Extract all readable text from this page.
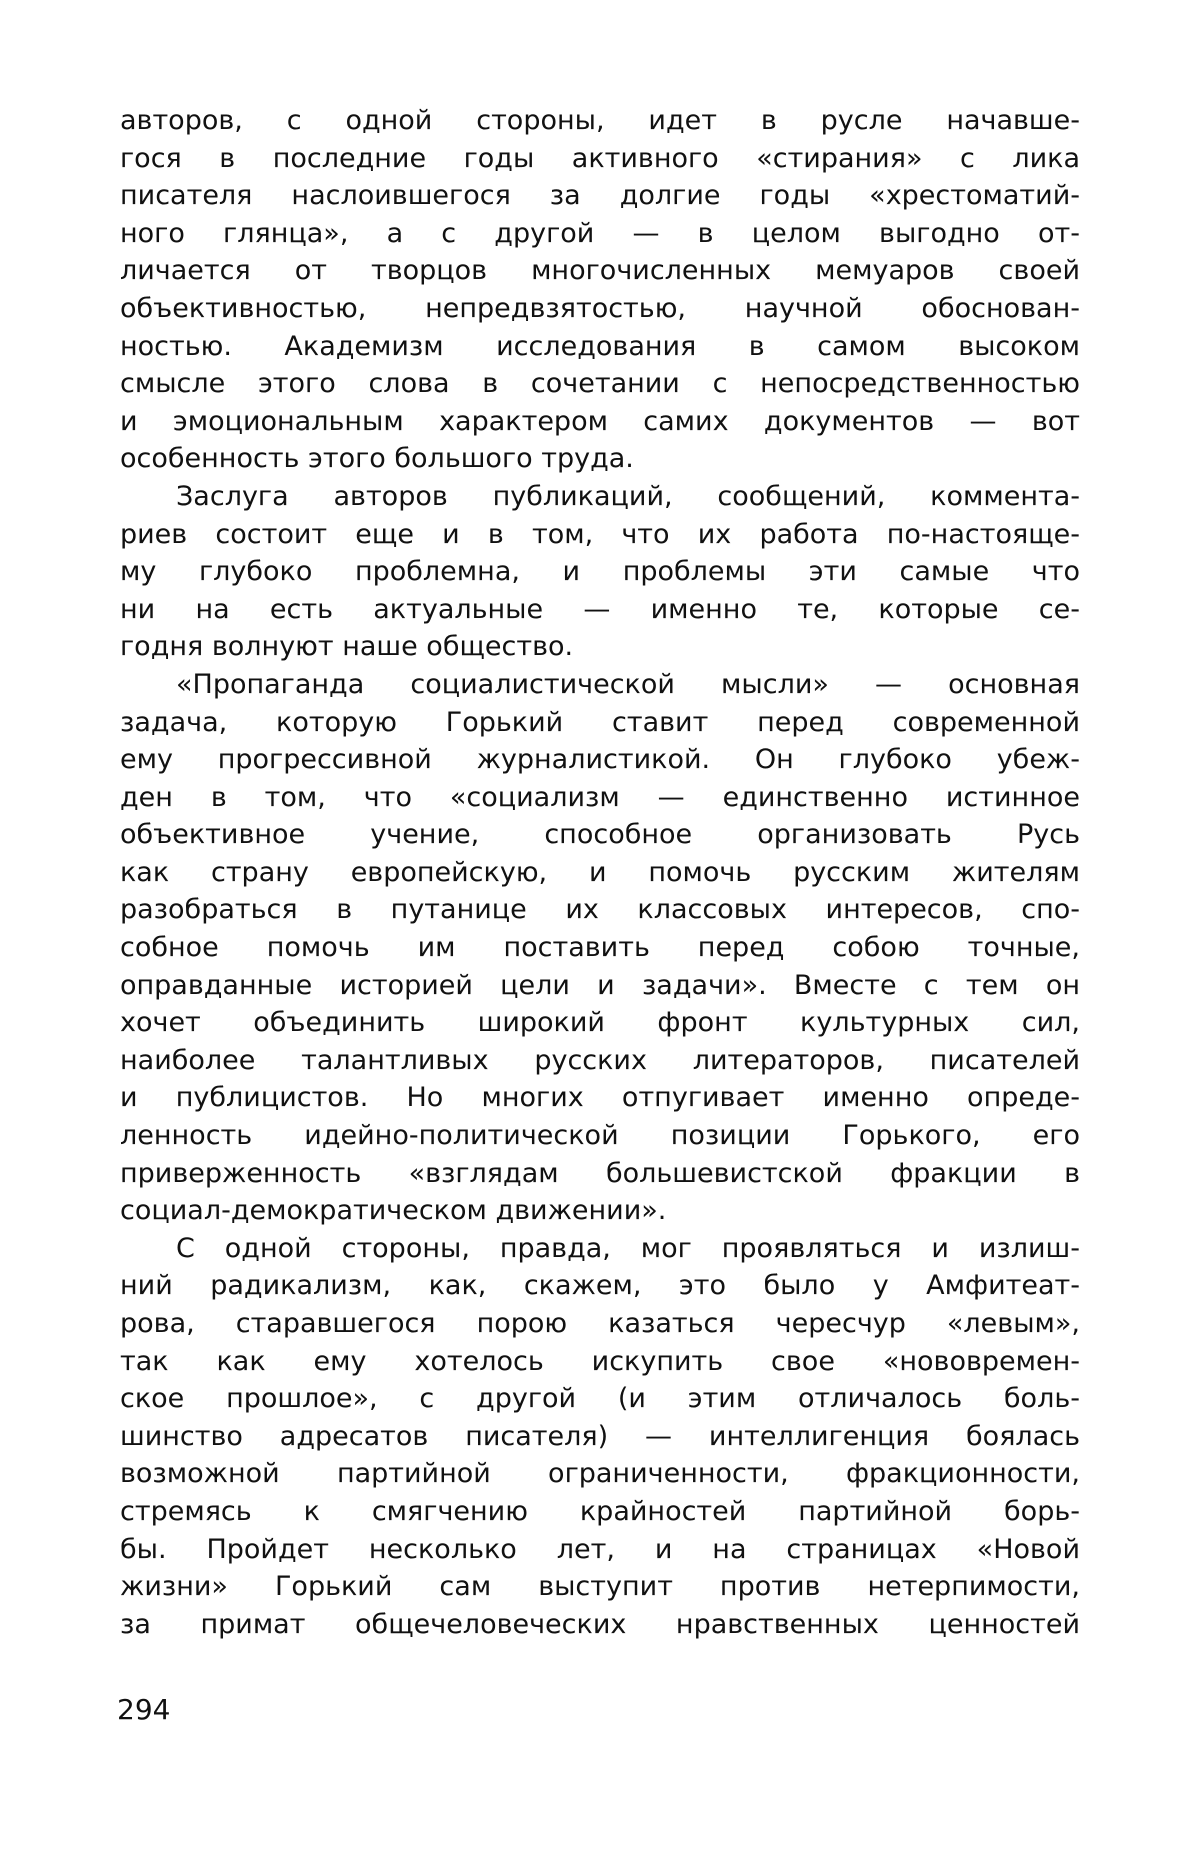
авторов, с одной стороны, идет в русле начавше-
гося в последние годы активного «стирания» с лика
писателя наслоившегося за долгие годы «хрестоматий-
ного глянца», а с другой — в целом выгодно от-
личается от творцов многочисленных мемуаров своей
объективностью, непредвзятостью, научной обоснован-
ностью. Академизм исследования в самом высоком
смысле этого слова в сочетании с непосредственностью
и эмоциональным характером самих документов — вот
особенность этого большого труда.
Заслуга авторов публикаций, сообщений, коммента-
риев состоит еще и в том, что их работа по-настояще-
му глубоко проблемна, и проблемы эти самые что
ни на есть актуальные — именно те, которые се-
годня волнуют наше общество.
«Пропаганда социалистической мысли» — основная
задача, которую Горький ставит перед современной
ему прогрессивной журналистикой. Он глубоко убеж-
ден в том, что «социализм — единственно истинное
объективное учение, способное организовать Русь
как страну европейскую, и помочь русским жителям
разобраться в путанице их классовых интересов, спо-
собное помочь им поставить перед собою точные,
оправданные историей цели и задачи». Вместе с тем он
хочет объединить широкий фронт культурных сил,
наиболее талантливых русских литераторов, писателей
и публицистов. Но многих отпугивает именно опреде-
ленность идейно-политической позиции Горького, его
приверженность «взглядам большевистской фракции в
социал-демократическом движении».
С одной стороны, правда, мог проявляться и излиш-
ний радикализм, как, скажем, это было у Амфитеат-
рова, старавшегося порою казаться чересчур «левым»,
так как ему хотелось искупить свое «нововремен-
ское прошлое», с другой (и этим отличалось боль-
шинство адресатов писателя) — интеллигенция боялась
возможной партийной ограниченности, фракционности,
стремясь к смягчению крайностей партийной борь-
бы. Пройдет несколько лет, и на страницах «Новой
жизни» Горький сам выступит против нетерпимости,
за примат общечеловеческих нравственных ценностей
294
